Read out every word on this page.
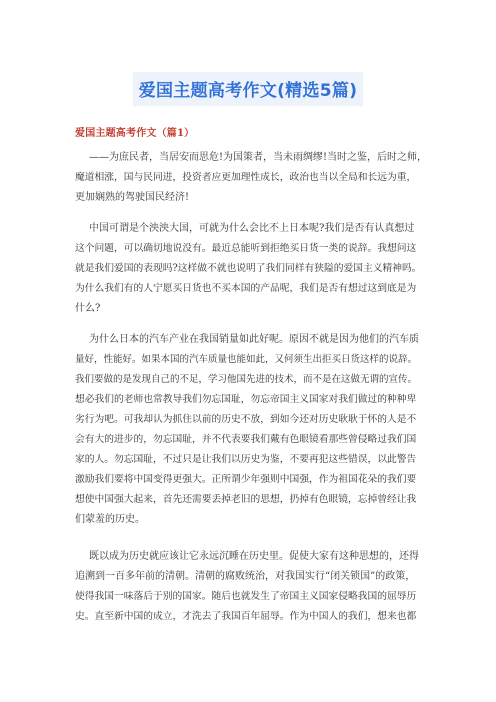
爱国主题高考作文(精选5篇)
爱国主题高考作文（篇1）
——为庶民者，当居安而思危!为国策者，当未雨绸缪!当时之鉴，后时之师，
魔道相涨，国与民同进，投资者应更加理性成长，政治也当以全局和长远为重，
更加娴熟的驾驶国民经济!
中国可谓是个泱泱大国，可就为什么会比不上日本呢?我们是否有认真想过
这个问题，可以确切地说没有。最近总能听到拒绝买日货一类的说辞。我想问这
就是我们爱国的表现吗?这样做不就也说明了我们同样有狭隘的爱国主义精神吗。
为什么我们有的人宁愿买日货也不买本国的产品呢，我们是否有想过这到底是为
什么?
为什么日本的汽车产业在我国销量如此好呢。原因不就是因为他们的汽车质
量好，性能好。如果本国的汽车质量也能如此，又何须生出拒买日货这样的说辞。
我们要做的是发现自己的不足，学习他国先进的技术，而不是在这做无谓的宣传。
想必我们的老师也常教导我们勿忘国耻，勿忘帝国主义国家对我们做过的种种卑
劣行为吧。可我却认为抓住以前的历史不放，到如今还对历史耿耿于怀的人是不
会有大的进步的，勿忘国耻，并不代表要我们戴有色眼镜看那些曾侵略过我们国
家的人。勿忘国耻，不过只是让我们以历史为鉴，不要再犯这些错误，以此警告
激励我们要将中国变得更强大。正所谓少年强则中国强，作为祖国花朵的我们要
想使中国强大起来，首先还需要丢掉老旧的思想，扔掉有色眼镜，忘掉曾经让我
们蒙羞的历史。
既以成为历史就应该让它永远沉睡在历史里。促使大家有这种思想的，还得
追溯到一百多年前的清朝。清朝的腐败统治，对我国实行“闭关锁国”的政策，
使得我国一味落后于别的国家。随后也就发生了帝国主义国家侵略我国的屈辱历
史。直至新中国的成立，才洗去了我国百年屈辱。作为中国人的我们，想来也都
